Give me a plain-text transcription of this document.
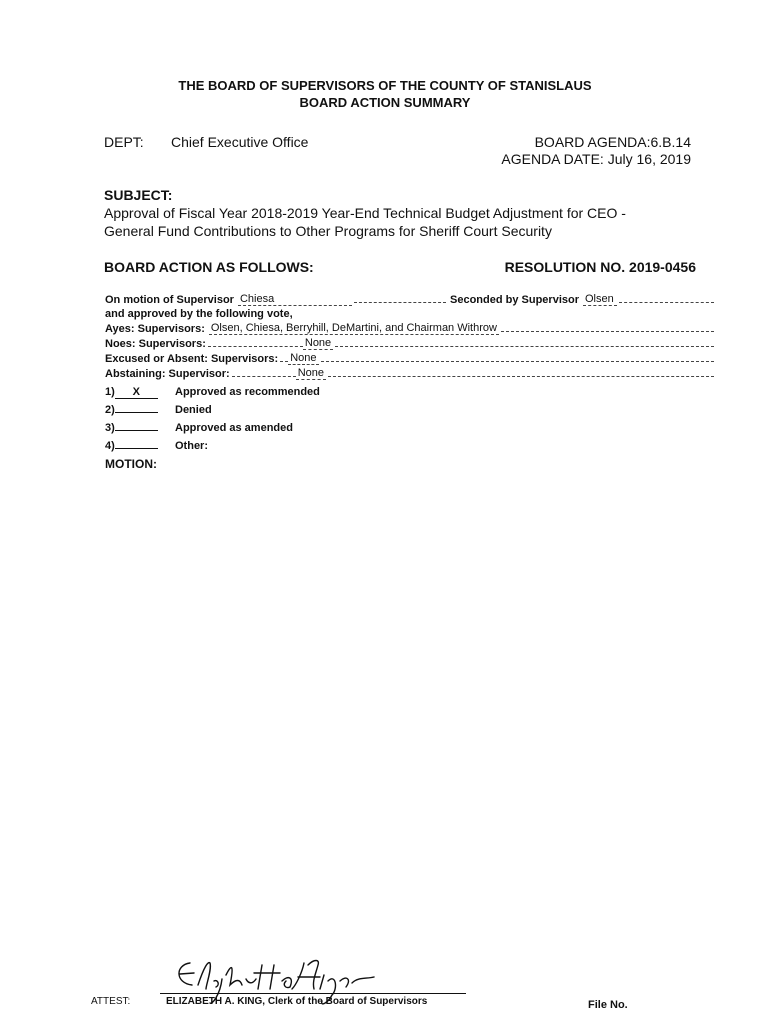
THE BOARD OF SUPERVISORS OF THE COUNTY OF STANISLAUS
BOARD ACTION SUMMARY
DEPT: Chief Executive Office	BOARD AGENDA:6.B.14
AGENDA DATE: July 16, 2019
SUBJECT:
Approval of Fiscal Year 2018-2019 Year-End Technical Budget Adjustment for CEO -
General Fund Contributions to Other Programs for Sheriff Court Security
BOARD ACTION AS FOLLOWS:	RESOLUTION NO. 2019-0456
On motion of Supervisor Chiesa	Seconded by Supervisor Olsen
and approved by the following vote,
Ayes: Supervisors: Olsen, Chiesa, Berryhill, DeMartini, and Chairman Withrow
Noes: Supervisors:	None
Excused or Absent: Supervisors: None
Abstaining: Supervisor:	None
1) X	Approved as recommended
2)	Denied
3)	Approved as amended
4)	Other:
MOTION:
ATTEST:	ELIZABETH A. KING, Clerk of the Board of Supervisors	File No.
